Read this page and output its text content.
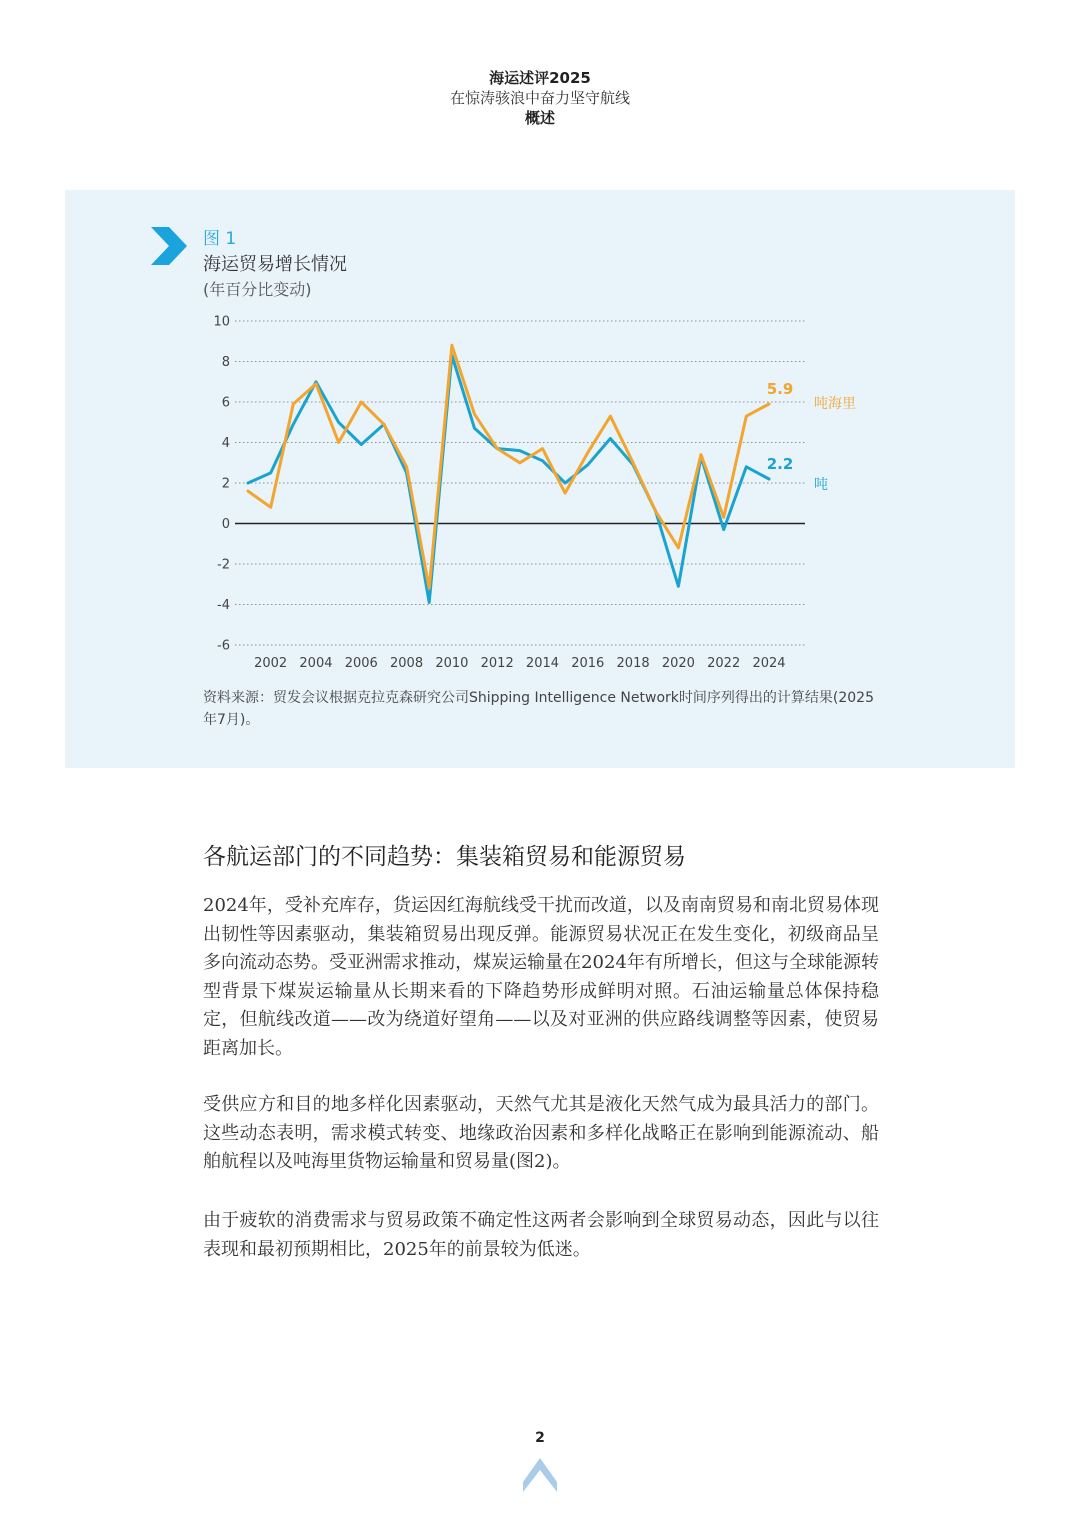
海运述评2025
在惊涛骇浪中奋力坚守航线
概述
图 1
海运贸易增长情况
(年百分比变动)
10
8
6
4
2
0
-2
-4
-6
2002 2004 2006 2008 2010 2012 2014 2016 2018 2020 2022 2024
5.9
吨海里
2.2
吨
资料来源：贸发会议根据克拉克森研究公司Shipping Intelligence Network时间序列得出的计算结果(2025年7月)。
各航运部门的不同趋势：集装箱贸易和能源贸易
2024年，受补充库存，货运因红海航线受干扰而改道，以及南南贸易和南北贸易体现出韧性等因素驱动，集装箱贸易出现反弹。能源贸易状况正在发生变化，初级商品呈多向流动态势。受亚洲需求推动，煤炭运输量在2024年有所增长，但这与全球能源转型背景下煤炭运输量从长期来看的下降趋势形成鲜明对照。石油运输量总体保持稳定，但航线改道——改为绕道好望角——以及对亚洲的供应路线调整等因素，使贸易距离加长。
受供应方和目的地多样化因素驱动，天然气尤其是液化天然气成为最具活力的部门。这些动态表明，需求模式转变、地缘政治因素和多样化战略正在影响到能源流动、船舶航程以及吨海里货物运输量和贸易量(图2)。
由于疲软的消费需求与贸易政策不确定性这两者会影响到全球贸易动态，因此与以往表现和最初预期相比，2025年的前景较为低迷。
2
